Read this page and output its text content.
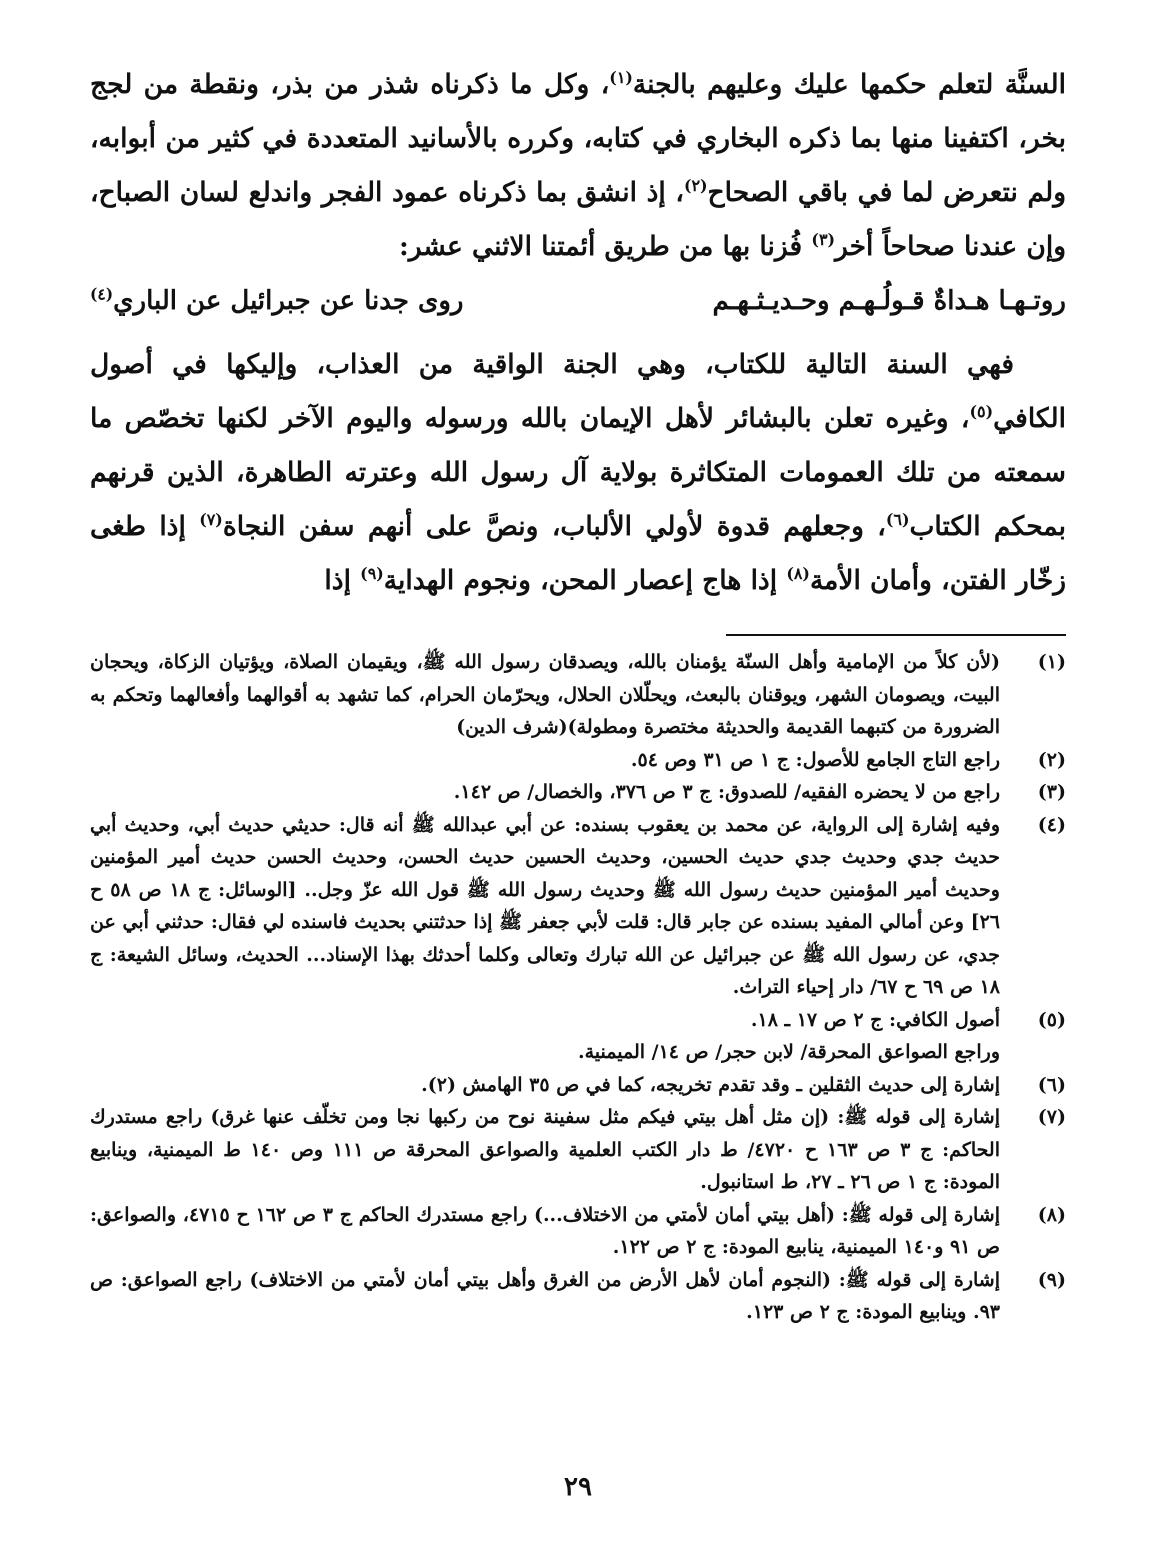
السنَّة لتعلم حكمها عليك وعليهم بالجنة$^{(١)}$، وكل ما ذكرناه شذر من بذر، ونقطة من لجج بخر، اكتفينا منها بما ذكره البخاري في كتابه، وكرره بالأسانيد المتعددة في كثير من أبوابه، ولم نتعرض لما في باقي الصحاح$^{(٢)}$، إذ انشق بما ذكرناه عمود الفجر واندلع لسان الصباح، وإن عندنا صحاحاً أخر$^{(٣)}$ فُزنا بها من طريق أئمتنا الاثني عشر:

روتـهـا هـداةٌ قـولُـهـم وحـديـثـهـم
روى جدنا عن جبرائيل عن الباري$^{(٤)}$

فهي السنة التالية للكتاب، وهي الجنة الواقية من العذاب، وإليكها في أصول الكافي$^{(٥)}$، وغيره تعلن بالبشائر لأهل الإيمان بالله ورسوله واليوم الآخر لكنها تخصّص ما سمعته من تلك العمومات المتكاثرة بولاية آل رسول الله وعترته الطاهرة، الذين قرنهم بمحكم الكتاب$^{(٦)}$، وجعلهم قدوة لأولي الألباب، ونصَّ على أنهم سفن النجاة$^{(٧)}$ إذا طغى زخّار الفتن، وأمان الأمة$^{(٨)}$ إذا هاج إعصار المحن، ونجوم الهداية$^{(٩)}$ إذا

(١)
(لأن كلاً من الإمامية وأهل السنّة يؤمنان بالله، ويصدقان رسول الله ﷺ، ويقيمان الصلاة، ويؤتيان الزكاة، ويحجان البيت، ويصومان الشهر، ويوقنان بالبعث، ويحلّلان الحلال، ويحرّمان الحرام، كما تشهد به أقوالهما وأفعالهما وتحكم به الضرورة من كتبهما القديمة والحديثة مختصرة ومطولة)(شرف الدين)
(٢)
راجع التاج الجامع للأصول: ج ١ ص ٣١ وص ٥٤.
(٣)
راجع من لا يحضره الفقيه/ للصدوق: ج ٣ ص ٣٧٦، والخصال/ ص ١٤٢.
(٤)
وفيه إشارة إلى الرواية، عن محمد بن يعقوب بسنده: عن أبي عبدالله ﷺ أنه قال: حديثي حديث أبي، وحديث أبي حديث جدي وحديث جدي حديث الحسين، وحديث الحسين حديث الحسن، وحديث الحسن حديث أمير المؤمنين وحديث أمير المؤمنين حديث رسول الله ﷺ وحديث رسول الله ﷺ قول الله عزّ وجل.. [الوسائل: ج ١٨ ص ٥٨ ح ٢٦] وعن أمالي المفيد بسنده عن جابر قال: قلت لأبي جعفر ﷺ إذا حدثتني بحديث فاسنده لي فقال: حدثني أبي عن جدي، عن رسول الله ﷺ عن جبرائيل عن الله تبارك وتعالى وكلما أحدثك بهذا الإسناد... الحديث، وسائل الشيعة: ج ١٨ ص ٦٩ ح ٦٧/ دار إحياء التراث.
(٥)
أصول الكافي: ج ٢ ص ١٧ ـ ١٨.
وراجع الصواعق المحرقة/ لابن حجر/ ص ١٤/ الميمنية.
(٦)
إشارة إلى حديث الثقلين ـ وقد تقدم تخريجه، كما في ص ٣٥ الهامش (٢).
(٧)
إشارة إلى قوله ﷺ: (إن مثل أهل بيتي فيكم مثل سفينة نوح من ركبها نجا ومن تخلّف عنها غرق) راجع مستدرك الحاكم: ج ٣ ص ١٦٣ ح ٤٧٢٠/ ط دار الكتب العلمية والصواعق المحرقة ص ١١١ وص ١٤٠ ط الميمنية، وينابيع المودة: ج ١ ص ٢٦ ـ ٢٧، ط استانبول.
(٨)
إشارة إلى قوله ﷺ: (أهل بيتي أمان لأمتي من الاختلاف...) راجع مستدرك الحاكم ج ٣ ص ١٦٢ ح ٤٧١٥، والصواعق: ص ٩١ و١٤٠ الميمنية، ينابيع المودة: ج ٢ ص ١٢٢.
(٩)
إشارة إلى قوله ﷺ: (النجوم أمان لأهل الأرض من الغرق وأهل بيتي أمان لأمتي من الاختلاف) راجع الصواعق: ص ٩٣. وينابيع المودة: ج ٢ ص ١٢٣.
٢٩
